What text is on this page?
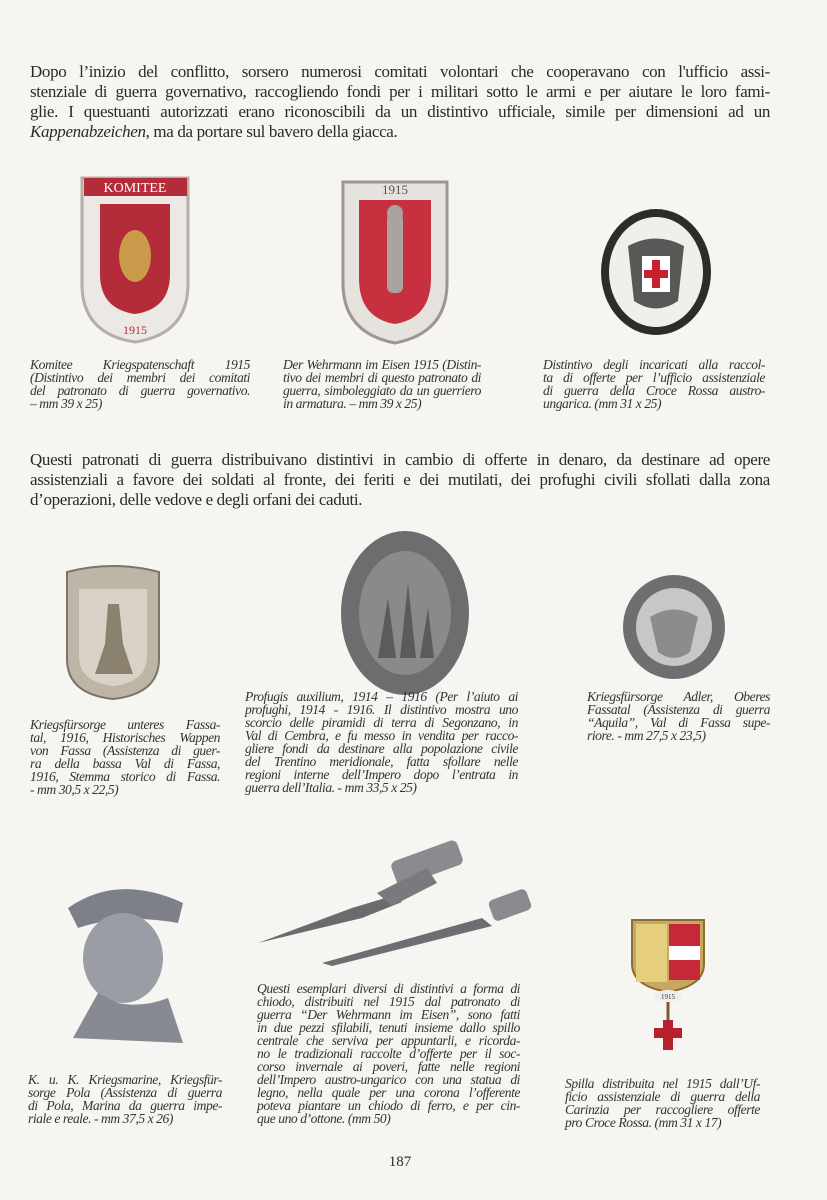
Dopo l’inizio del conflitto, sorsero numerosi comitati volontari che cooperavano con l'ufficio assi-
stenziale di guerra governativo, raccogliendo fondi per i militari sotto le armi e per aiutare le loro fami-
glie. I questuanti autorizzati erano riconoscibili da un distintivo ufficiale, simile per dimensioni ad un
Kappenabzeichen, ma da portare sul bavero della giacca.
Questi patronati di guerra distribuivano distintivi in cambio di offerte in denaro, da destinare ad opere
assistenziali a favore dei soldati al fronte, dei feriti e dei mutilati, dei profughi civili sfollati dalla zona
d’operazioni, delle vedove e degli orfani dei caduti.
KOMITEE
1915
1915
Komitee Kriegspatenschaft 1915
(Distintivo dei membri dei comitati
del patronato di guerra governativo.
– mm 39 x 25)
Der Wehrmann im Eisen 1915 (Distin-
tivo dei membri di questo patronato di
guerra, simboleggiato da un guerriero
in armatura. – mm 39 x 25)
Distintivo degli incaricati alla raccol-
ta di offerte per l’ufficio assistenziale
di guerra della Croce Rossa austro-
ungarica. (mm 31 x 25)
Kriegsfürsorge unteres Fassa-
tal, 1916, Historisches Wappen
von Fassa (Assistenza di guer-
ra della bassa Val di Fassa,
1916, Stemma storico di Fassa.
- mm 30,5 x 22,5)
Profugis auxilium, 1914 – 1916 (Per l’aiuto ai
profughi, 1914 - 1916. Il distintivo mostra uno
scorcio delle piramidi di terra di Segonzano, in
Val di Cembra, e fu messo in vendita per racco-
gliere fondi da destinare alla popolazione civile
del Trentino meridionale, fatta sfollare nelle
regioni interne dell’Impero dopo l’entrata in
guerra dell’Italia. - mm 33,5 x 25)
Kriegsfürsorge Adler, Oberes
Fassatal (Assistenza di guerra
“Aquila”, Val di Fassa supe-
riore. - mm 27,5 x 23,5)
1915
K. u. K. Kriegsmarine, Kriegsfür-
sorge Pola (Assistenza di guerra
di Pola, Marina da guerra impe-
riale e reale. - mm 37,5 x 26)
Questi esemplari diversi di distintivi a forma di
chiodo, distribuiti nel 1915 dal patronato di
guerra “Der Wehrmann im Eisen”, sono fatti
in due pezzi sfilabili, tenuti insieme dallo spillo
centrale che serviva per appuntarli, e ricorda-
no le tradizionali raccolte d’offerte per il soc-
corso invernale ai poveri, fatte nelle regioni
dell’Impero austro-ungarico con una statua di
legno, nella quale per una corona l’offerente
poteva piantare un chiodo di ferro, e per cin-
que uno d’ottone. (mm 50)
Spilla distribuita nel 1915 dall’Uf-
ficio assistenziale di guerra della
Carinzia per raccogliere offerte
pro Croce Rossa. (mm 31 x 17)
187
